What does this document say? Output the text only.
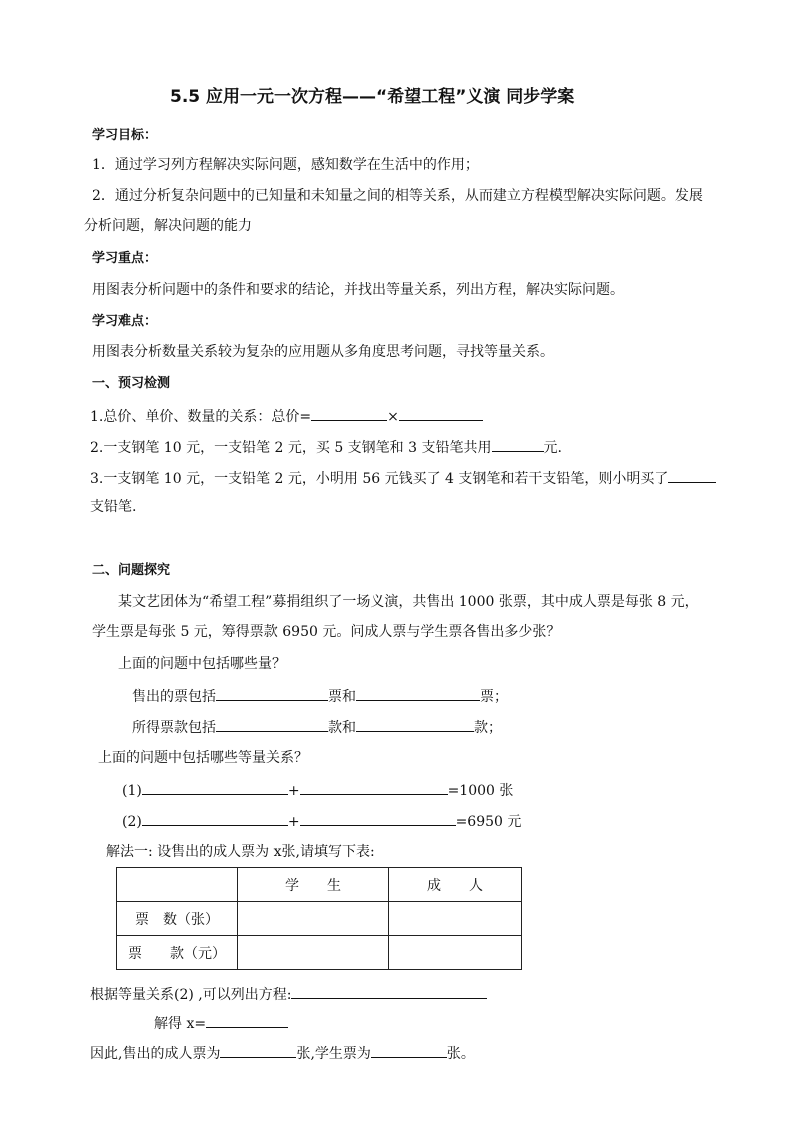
5.5 应用一元一次方程——“希望工程”义演 同步学案
学习目标：
1．通过学习列方程解决实际问题，感知数学在生活中的作用；
2．通过分析复杂问题中的已知量和未知量之间的相等关系，从而建立方程模型解决实际问题。发展
分析问题，解决问题的能力
学习重点：
用图表分析问题中的条件和要求的结论，并找出等量关系，列出方程，解决实际问题。
学习难点：
用图表分析数量关系较为复杂的应用题从多角度思考问题，寻找等量关系。
一、预习检测
1.总价、单价、数量的关系：总价=	×
2.一支钢笔 10 元，一支铅笔 2 元，买 5 支钢笔和 3 支铅笔共用	元.
3.一支钢笔 10 元，一支铅笔 2 元，小明用 56 元钱买了 4 支钢笔和若干支铅笔，则小明买了
支铅笔.
二、问题探究
某文艺团体为“希望工程”募捐组织了一场义演，共售出 1000 张票，其中成人票是每张 8 元，
学生票是每张 5 元，筹得票款 6950 元。问成人票与学生票各售出多少张？
上面的问题中包括哪些量？
售出的票包括	票和	票；
所得票款包括	款和	款；
上面的问题中包括哪些等量关系？
(1)	+	=1000 张
(2)	+	=6950 元
解法一: 设售出的成人票为 x张,请填写下表:
	学　　生	成　　人
票　数（张）		
票　　款（元）		
根据等量关系(2) ,可以列出方程:
解得 x=
因此,售出的成人票为	张,学生票为	张。
